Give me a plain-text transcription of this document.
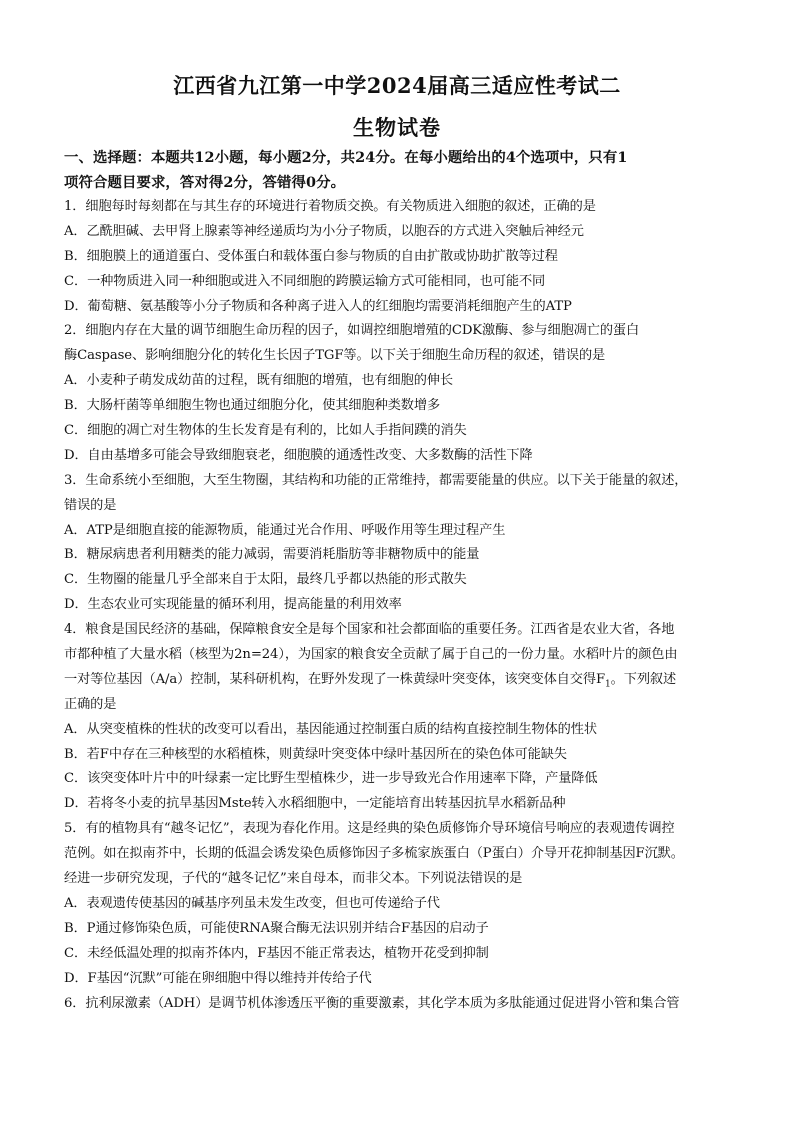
江西省九江第一中学2024届高三适应性考试二
生物试卷
一、选择题：本题共12小题，每小题2分，共24分。在每小题给出的4个选项中，只有1
项符合题目要求，答对得2分，答错得0分。
1．细胞每时每刻都在与其生存的环境进行着物质交换。有关物质进入细胞的叙述，正确的是
A．乙酰胆碱、去甲肾上腺素等神经递质均为小分子物质，以胞吞的方式进入突触后神经元
B．细胞膜上的通道蛋白、受体蛋白和载体蛋白参与物质的自由扩散或协助扩散等过程
C．一种物质进入同一种细胞或进入不同细胞的跨膜运输方式可能相同，也可能不同
D．葡萄糖、氨基酸等小分子物质和各种离子进入人的红细胞均需要消耗细胞产生的ATP
2．细胞内存在大量的调节细胞生命历程的因子，如调控细胞增殖的CDK激酶、参与细胞凋亡的蛋白
酶Caspase、影响细胞分化的转化生长因子TGF等。以下关于细胞生命历程的叙述，错误的是
A．小麦种子萌发成幼苗的过程，既有细胞的增殖，也有细胞的伸长
B．大肠杆菌等单细胞生物也通过细胞分化，使其细胞种类数增多
C．细胞的凋亡对生物体的生长发育是有利的，比如人手指间蹼的消失
D．自由基增多可能会导致细胞衰老，细胞膜的通透性改变、大多数酶的活性下降
3．生命系统小至细胞，大至生物圈，其结构和功能的正常维持，都需要能量的供应。以下关于能量的叙述，
错误的是
A．ATP是细胞直接的能源物质，能通过光合作用、呼吸作用等生理过程产生
B．糖尿病患者利用糖类的能力减弱，需要消耗脂肪等非糖物质中的能量
C．生物圈的能量几乎全部来自于太阳，最终几乎都以热能的形式散失
D．生态农业可实现能量的循环利用，提高能量的利用效率
4．粮食是国民经济的基础，保障粮食安全是每个国家和社会都面临的重要任务。江西省是农业大省，各地
市都种植了大量水稻（核型为2n=24），为国家的粮食安全贡献了属于自己的一份力量。水稻叶片的颜色由
一对等位基因（A/a）控制，某科研机构，在野外发现了一株黄绿叶突变体，该突变体自交得$F_1$。下列叙述
正确的是
A．从突变植株的性状的改变可以看出，基因能通过控制蛋白质的结构直接控制生物体的性状
B．若F中存在三种核型的水稻植株，则黄绿叶突变体中绿叶基因所在的染色体可能缺失
C．该突变体叶片中的叶绿素一定比野生型植株少，进一步导致光合作用速率下降，产量降低
D．若将冬小麦的抗旱基因Mste转入水稻细胞中，一定能培育出转基因抗旱水稻新品种
5．有的植物具有“越冬记忆”，表现为春化作用。这是经典的染色质修饰介导环境信号响应的表观遗传调控
范例。如在拟南芥中，长期的低温会诱发染色质修饰因子多梳家族蛋白（P蛋白）介导开花抑制基因F沉默。
经进一步研究发现，子代的“越冬记忆”来自母本，而非父本。下列说法错误的是
A．表观遗传使基因的碱基序列虽未发生改变，但也可传递给子代
B．P通过修饰染色质，可能使RNA聚合酶无法识别并结合F基因的启动子
C．未经低温处理的拟南芥体内，F基因不能正常表达，植物开花受到抑制
D．F基因“沉默”可能在卵细胞中得以维持并传给子代
6．抗利尿激素（ADH）是调节机体渗透压平衡的重要激素，其化学本质为多肽能通过促进肾小管和集合管
